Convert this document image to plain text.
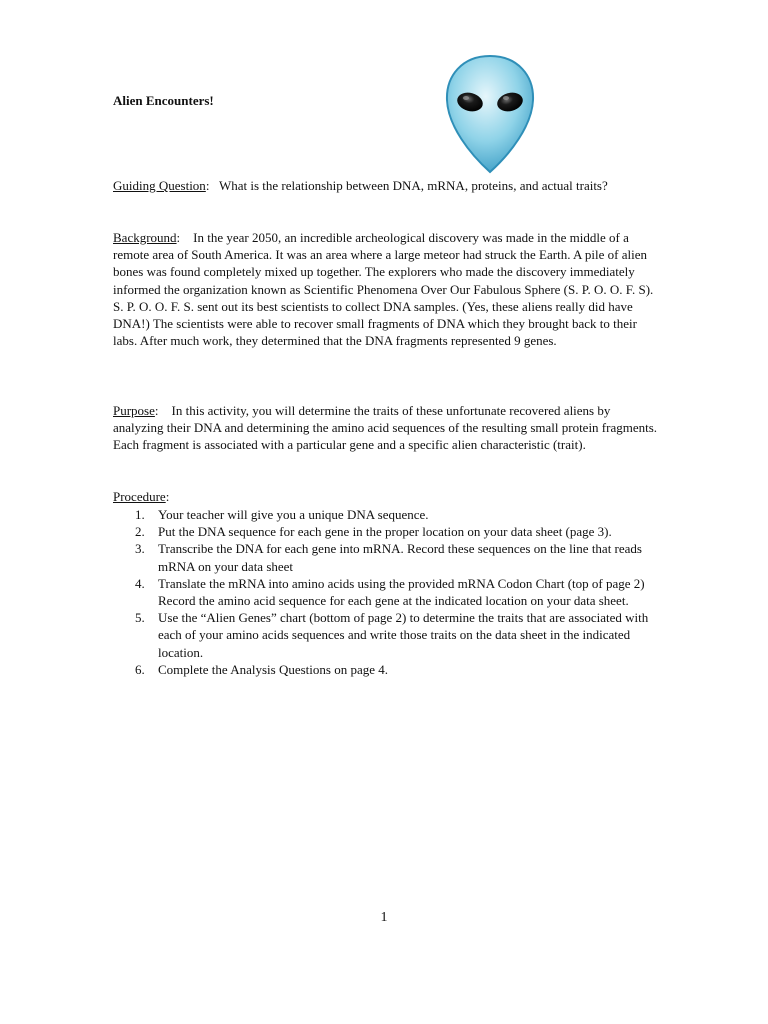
Alien Encounters!

Guiding Question:   What is the relationship between DNA, mRNA, proteins, and actual traits?

Background:    In the year 2050, an incredible archeological discovery was made in the middle of a remote area of South America. It was an area where a large meteor had struck the Earth. A pile of alien bones was found completely mixed up together. The explorers who made the discovery immediately informed the organization known as Scientific Phenomena Over Our Fabulous Sphere (S. P. O. O. F. S). S. P. O. O. F. S. sent out its best scientists to collect DNA samples. (Yes, these aliens really did have DNA!) The scientists were able to recover small fragments of DNA which they brought back to their labs. After much work, they determined that the DNA fragments represented 9 genes.

Purpose:    In this activity, you will determine the traits of these unfortunate recovered aliens by analyzing their DNA and determining the amino acid sequences of the resulting small protein fragments. Each fragment is associated with a particular gene and a specific alien characteristic (trait).

Procedure:

1. Your teacher will give you a unique DNA sequence.
2. Put the DNA sequence for each gene in the proper location on your data sheet (page 3).
3. Transcribe the DNA for each gene into mRNA. Record these sequences on the line that reads mRNA on your data sheet
4. Translate the mRNA into amino acids using the provided mRNA Codon Chart (top of page 2) Record the amino acid sequence for each gene at the indicated location on your data sheet.
5. Use the “Alien Genes” chart (bottom of page 2) to determine the traits that are associated with each of your amino acids sequences and write those traits on the data sheet in the indicated location.
6. Complete the Analysis Questions on page 4.
1
